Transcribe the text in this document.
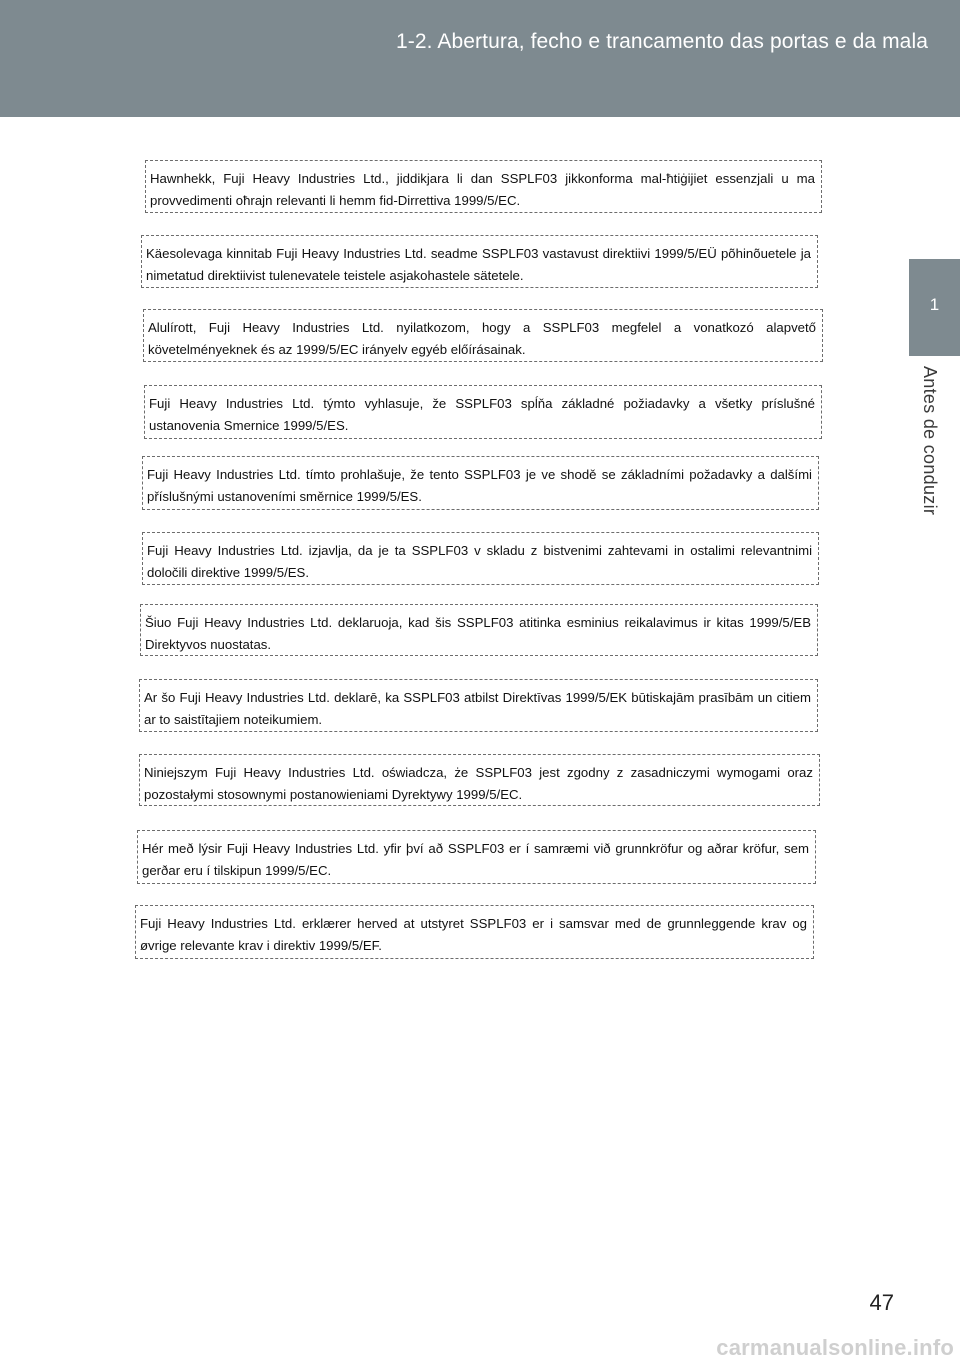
1-2. Abertura, fecho e trancamento das portas e da mala
1
Antes de conduzir
Hawnhekk, Fuji Heavy Industries Ltd., jiddikjara li dan SSPLF03 jikkonforma mal-ħtiġijiet essenzjali u ma provvedimenti oħrajn relevanti li hemm fid-Dirrettiva 1999/5/EC.
Käesolevaga kinnitab Fuji Heavy Industries Ltd. seadme SSPLF03 vastavust direktiivi 1999/5/EÜ põhinõuetele ja nimetatud direktiivist tulenevatele teistele asjakohastele sätetele.
Alulírott, Fuji Heavy Industries Ltd. nyilatkozom, hogy a SSPLF03 megfelel a vonatkozó alapvető követelményeknek és az 1999/5/EC irányelv egyéb előírásainak.
Fuji Heavy Industries Ltd. týmto vyhlasuje, že SSPLF03 spĺňa základné požiadavky a všetky príslušné ustanovenia Smernice 1999/5/ES.
Fuji Heavy Industries Ltd. tímto prohlašuje, že tento SSPLF03 je ve shodě se základními požadavky a dalšími příslušnými ustanoveními směrnice 1999/5/ES.
Fuji Heavy Industries Ltd. izjavlja, da je ta SSPLF03 v skladu z bistvenimi zahtevami in ostalimi relevantnimi določili direktive 1999/5/ES.
Šiuo Fuji Heavy Industries Ltd. deklaruoja, kad šis SSPLF03 atitinka esminius reikalavimus ir kitas 1999/5/EB Direktyvos nuostatas.
Ar šo Fuji Heavy Industries Ltd. deklarē, ka SSPLF03 atbilst Direktīvas 1999/5/EK būtiskajām prasībām un citiem ar to saistītajiem noteikumiem.
Niniejszym Fuji Heavy Industries Ltd. oświadcza, że SSPLF03 jest zgodny z zasadniczymi wymogami oraz pozostałymi stosownymi postanowieniami Dyrektywy 1999/5/EC.
Hér með lýsir Fuji Heavy Industries Ltd. yfir því að SSPLF03 er í samræmi við grunnkröfur og aðrar kröfur, sem gerðar eru í tilskipun 1999/5/EC.
Fuji Heavy Industries Ltd. erklærer herved at utstyret SSPLF03 er i samsvar med de grunnleggende krav og øvrige relevante krav i direktiv 1999/5/EF.
47
carmanualsonline.info
